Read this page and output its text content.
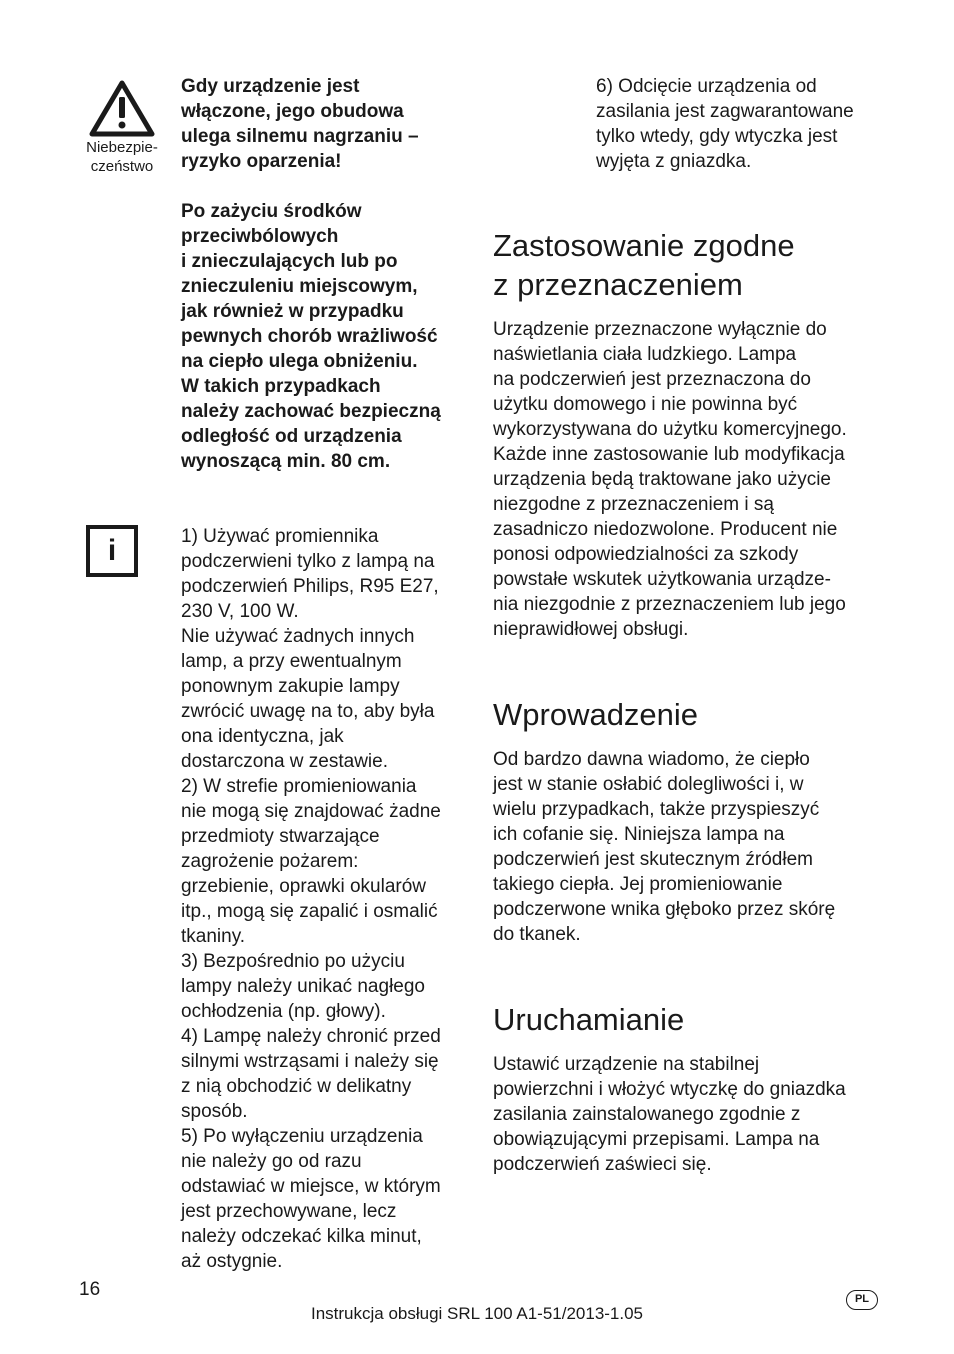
Niebezpie-
czeństwo

Gdy urządzenie jest
włączone, jego obudowa
ulega silnemu nagrzaniu –
ryzyko oparzenia!

Po zażyciu środków
przeciwbólowych
i znieczulających lub po
znieczuleniu miejscowym,
jak również w przypadku
pewnych chorób wrażliwość
na ciepło ulega obniżeniu.
W takich przypadkach
należy zachować bezpieczną
odległość od urządzenia
wynoszącą min. 80 cm.

i	1) Używać promiennika
podczerwieni tylko z lampą na
podczerwień Philips, R95 E27,
230 V, 100 W.
Nie używać żadnych innych
lamp, a przy ewentualnym
ponownym zakupie lampy
zwrócić uwagę na to, aby była
ona identyczna, jak
dostarczona w zestawie.
2) W strefie promieniowania
nie mogą się znajdować żadne
przedmioty stwarzające
zagrożenie pożarem:
grzebienie, oprawki okularów
itp., mogą się zapalić i osmalić
tkaniny.
3) Bezpośrednio po użyciu
lampy należy unikać nagłego
ochłodzenia (np. głowy).
4) Lampę należy chronić przed
silnymi wstrząsami i należy się
z nią obchodzić w delikatny
sposób.
5) Po wyłączeniu urządzenia
nie należy go od razu
odstawiać w miejsce, w którym
jest przechowywane, lecz
należy odczekać kilka minut,
aż ostygnie.

6) Odcięcie urządzenia od
zasilania jest zagwarantowane
tylko wtedy, gdy wtyczka jest
wyjęta z gniazdka.

Zastosowanie zgodne
z przeznaczeniem

Urządzenie przeznaczone wyłącznie do
naświetlania ciała ludzkiego. Lampa
na podczerwień jest przeznaczona do
użytku domowego i nie powinna być
wykorzystywana do użytku komercyjnego.
Każde inne zastosowanie lub modyfikacja
urządzenia będą traktowane jako użycie
niezgodne z przeznaczeniem i są
zasadniczo niedozwolone. Producent nie
ponosi odpowiedzialności za szkody
powstałe wskutek użytkowania urządze-
nia niezgodnie z przeznaczeniem lub jego
nieprawidłowej obsługi.

Wprowadzenie

Od bardzo dawna wiadomo, że ciepło
jest w stanie osłabić dolegliwości i, w
wielu przypadkach, także przyspieszyć
ich cofanie się. Niniejsza lampa na
podczerwień jest skutecznym źródłem
takiego ciepła. Jej promieniowanie
podczerwone wnika głęboko przez skórę
do tkanek.

Uruchamianie

Ustawić urządzenie na stabilnej
powierzchni i włożyć wtyczkę do gniazdka
zasilania zainstalowanego zgodnie z
obowiązującymi przepisami. Lampa na
podczerwień zaświeci się.

16
Instrukcja obsługi SRL 100 A1-51/2013-1.05
PL
